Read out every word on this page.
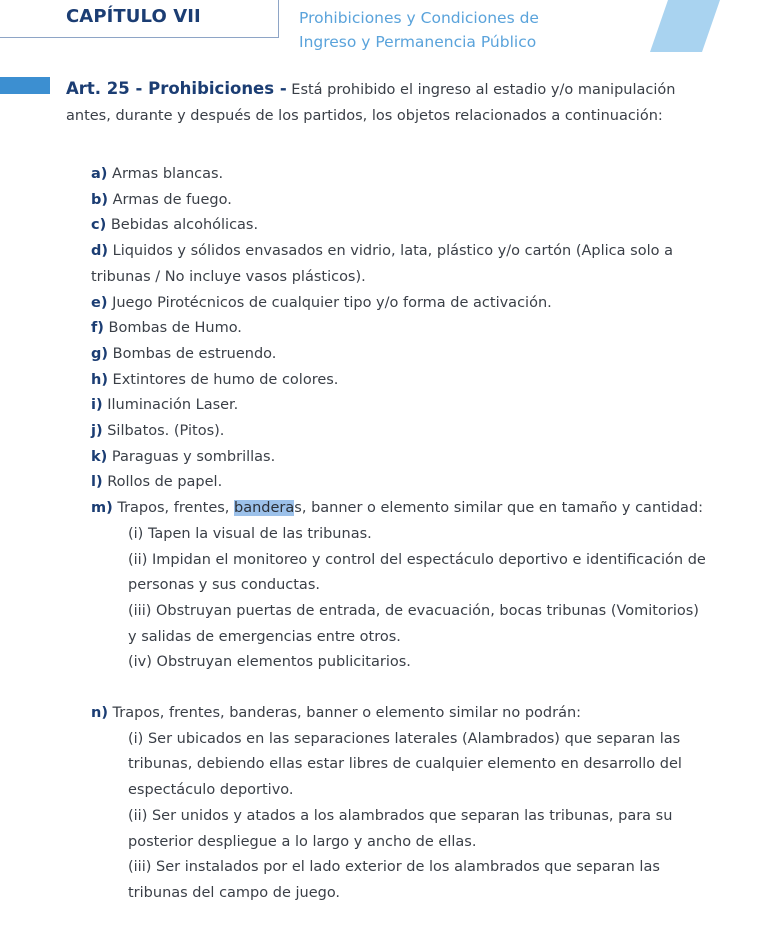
CAPÍTULO VII	Prohibiciones y Condiciones de
Ingreso y Permanencia Público
Art. 25 - Prohibiciones - Está prohibido el ingreso al estadio y/o manipulación antes, durante y después de los partidos, los objetos relacionados a continuación:

a) Armas blancas.

b) Armas de fuego.

c) Bebidas alcohólicas.

d) Liquidos y sólidos envasados en vidrio, lata, plástico y/o cartón (Aplica solo a tribunas / No incluye vasos plásticos).

e) Juego Pirotécnicos de cualquier tipo y/o forma de activación.

f) Bombas de Humo.

g) Bombas de estruendo.

h) Extintores de humo de colores.

i) Iluminación Laser.

j) Silbatos. (Pitos).

k) Paraguas y sombrillas.

l) Rollos de papel.

m) Trapos, frentes, banderas, banner o elemento similar que en tamaño y cantidad:

(i) Tapen la visual de las tribunas.

(ii) Impidan el monitoreo y control del espectáculo deportivo e identificación de personas y sus conductas.

(iii) Obstruyan puertas de entrada, de evacuación, bocas tribunas (Vomitorios) y salidas de emergencias entre otros.

(iv) Obstruyan elementos publicitarios.

n) Trapos, frentes, banderas, banner o elemento similar no podrán:

(i) Ser ubicados en las separaciones laterales (Alambrados) que separan las tribunas, debiendo ellas estar libres de cualquier elemento en desarrollo del espectáculo deportivo.

(ii) Ser unidos y atados a los alambrados que separan las tribunas, para su posterior despliegue a lo largo y ancho de ellas.

(iii) Ser instalados por el lado exterior de los alambrados que separan las tribunas del campo de juego.
